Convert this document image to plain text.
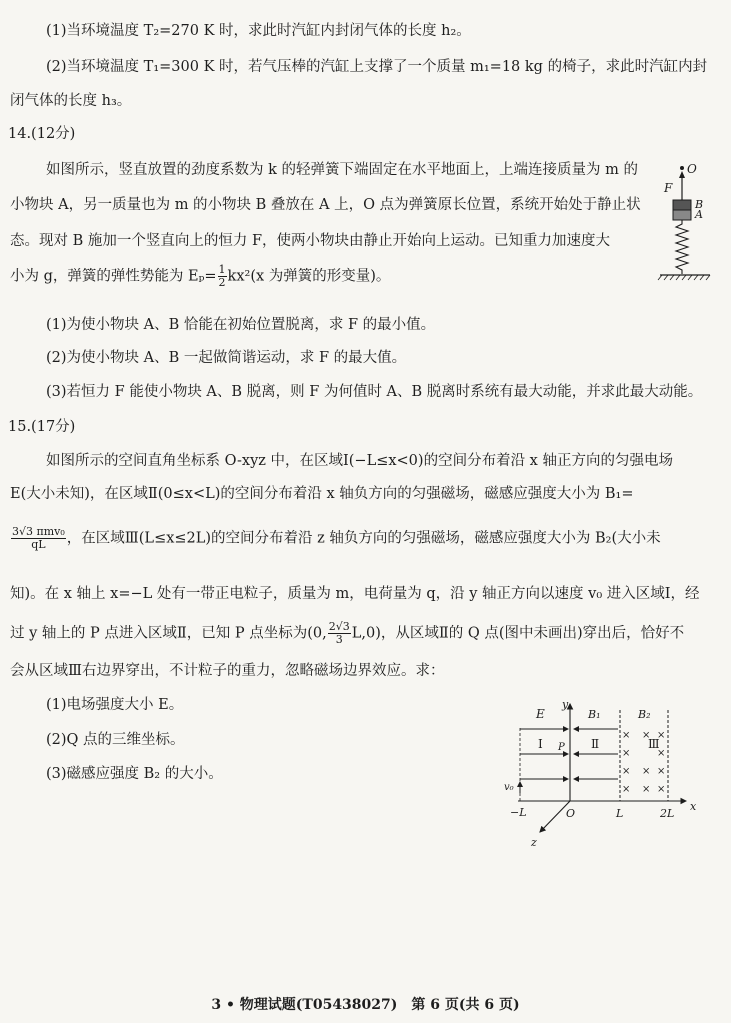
(1)当环境温度 T₂=270 K 时，求此时汽缸内封闭气体的长度 h₂。
(2)当环境温度 T₁=300 K 时，若气压棒的汽缸上支撑了一个质量 m₁=18 kg 的椅子，求此时汽缸内封
闭气体的长度 h₃。
14.(12分)
如图所示，竖直放置的劲度系数为 k 的轻弹簧下端固定在水平地面上，上端连接质量为 m 的
小物块 A，另一质量也为 m 的小物块 B 叠放在 A 上，O 点为弹簧原长位置，系统开始处于静止状
态。现对 B 施加一个竖直向上的恒力 F，使两小物块由静止开始向上运动。已知重力加速度大
小为 g，弹簧的弹性势能为 $E_p= \frac{1}{2} kx^2(x$ 为弹簧的形变量)。
(1)为使小物块 A、B 恰能在初始位置脱离，求 F 的最小值。
(2)为使小物块 A、B 一起做简谐运动，求 F 的最大值。
(3)若恒力 F 能使小物块 A、B 脱离，则 F 为何值时 A、B 脱离时系统有最大动能，并求此最大动能。
O
F
B
A
15.(17分)
如图所示的空间直角坐标系 O-xyz 中，在区域Ⅰ(−L≤x<0)的空间分布着沿 x 轴正方向的匀强电场
E(大小未知)，在区域Ⅱ(0≤x<L)的空间分布着沿 x 轴负方向的匀强磁场，磁感应强度大小为 B₁=
$\frac{\text{3√3 πmv₀}}{qL}$ ，在区域Ⅲ(L≤x≤2L)的空间分布着沿 z 轴负方向的匀强磁场，磁感应强度大小为 B₂(大小未
知)。在 x 轴上 x=−L 处有一带正电粒子，质量为 m，电荷量为 q，沿 y 轴正方向以速度 v₀ 进入区域Ⅰ，经
过 y 轴上的 P 点进入区域Ⅱ，已知 P 点坐标为(0, $\frac{2√3}{3} L,0$)，从区域Ⅱ的 Q 点(图中未画出)穿出后，恰好不
会从区域Ⅲ右边界穿出，不计粒子的重力，忽略磁场边界效应。求：
(1)电场强度大小 E。
(2)Q 点的三维坐标。
(3)磁感应强度 B₂ 的大小。
y
x
z
E	B₁	B₂
Ⅰ	Ⅱ	Ⅲ
P
× × ×
×	×
× × ×
× × ×
v₀
−L	O	L	2L
3 • 物理试题(T05438027)　第 6 页(共 6 页)
